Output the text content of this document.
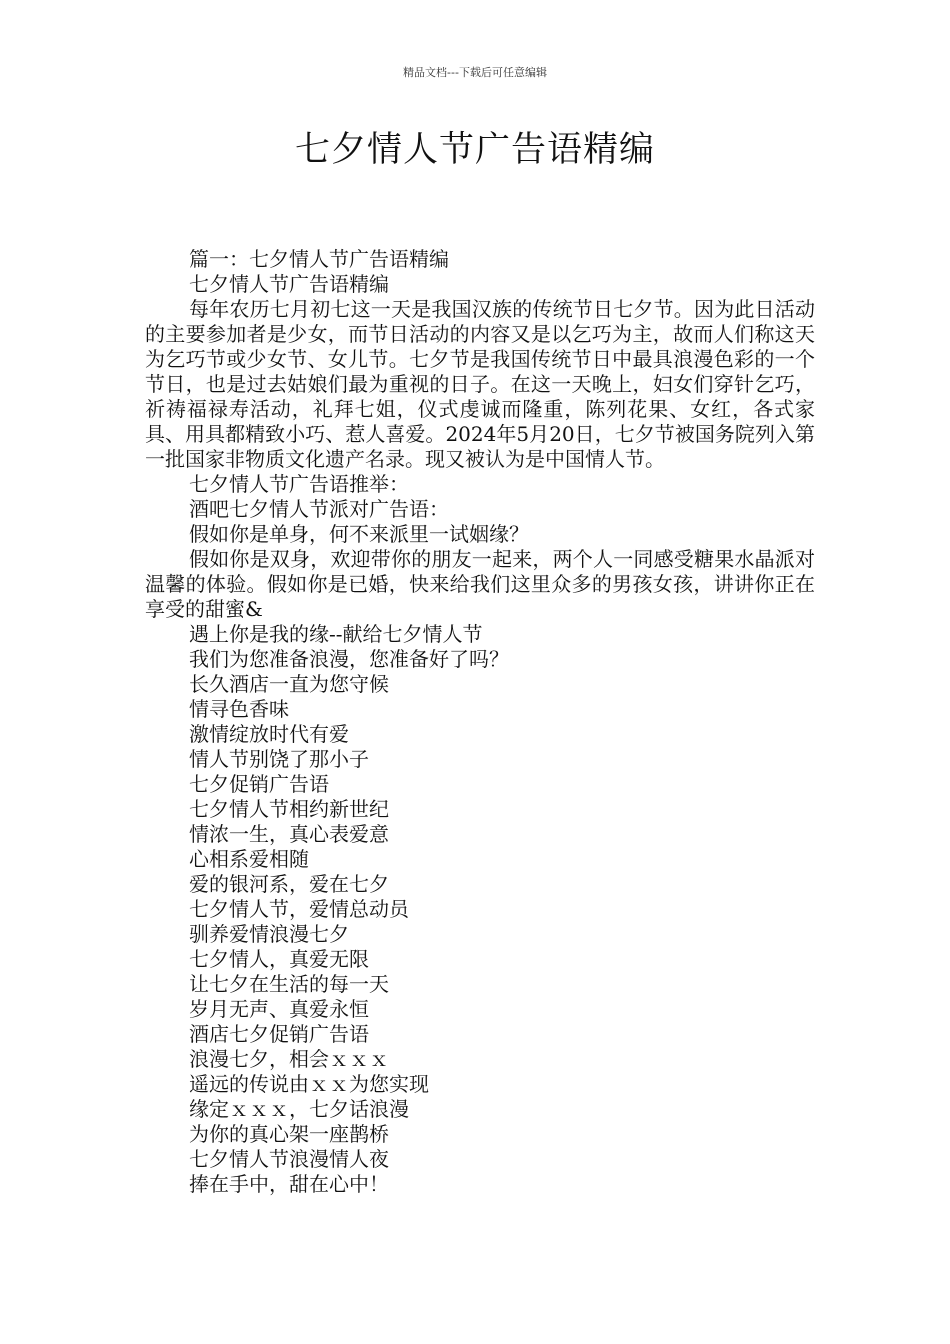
精品文档---下载后可任意编辑
七夕情人节广告语精编

篇一：七夕情人节广告语精编

七夕情人节广告语精编

每年农历七月初七这一天是我国汉族的传统节日七夕节。因为此日活动的主要参加者是少女，而节日活动的内容又是以乞巧为主，故而人们称这天为乞巧节或少女节、女儿节。七夕节是我国传统节日中最具浪漫色彩的一个节日，也是过去姑娘们最为重视的日子。在这一天晚上，妇女们穿针乞巧，祈祷福禄寿活动，礼拜七姐，仪式虔诚而隆重，陈列花果、女红，各式家具、用具都精致小巧、惹人喜爱。2024年5月20日，七夕节被国务院列入第一批国家非物质文化遗产名录。现又被认为是中国情人节。

七夕情人节广告语推举：

酒吧七夕情人节派对广告语：

假如你是单身，何不来派里一试姻缘？

假如你是双身，欢迎带你的朋友一起来，两个人一同感受糖果水晶派对温馨的体验。假如你是已婚，快来给我们这里众多的男孩女孩，讲讲你正在享受的甜蜜&

遇上你是我的缘--献给七夕情人节

我们为您准备浪漫，您准备好了吗？

长久酒店一直为您守候

情寻色香味

激情绽放时代有爱

情人节别饶了那小子

七夕促销广告语

七夕情人节相约新世纪

情浓一生，真心表爱意

心相系爱相随

爱的银河系，爱在七夕

七夕情人节，爱情总动员

驯养爱情浪漫七夕

七夕情人，真爱无限

让七夕在生活的每一天

岁月无声、真爱永恒

酒店七夕促销广告语

浪漫七夕，相会ｘｘｘ

遥远的传说由ｘｘ为您实现

缘定ｘｘｘ，七夕话浪漫

为你的真心架一座鹊桥

七夕情人节浪漫情人夜

捧在手中，甜在心中！
